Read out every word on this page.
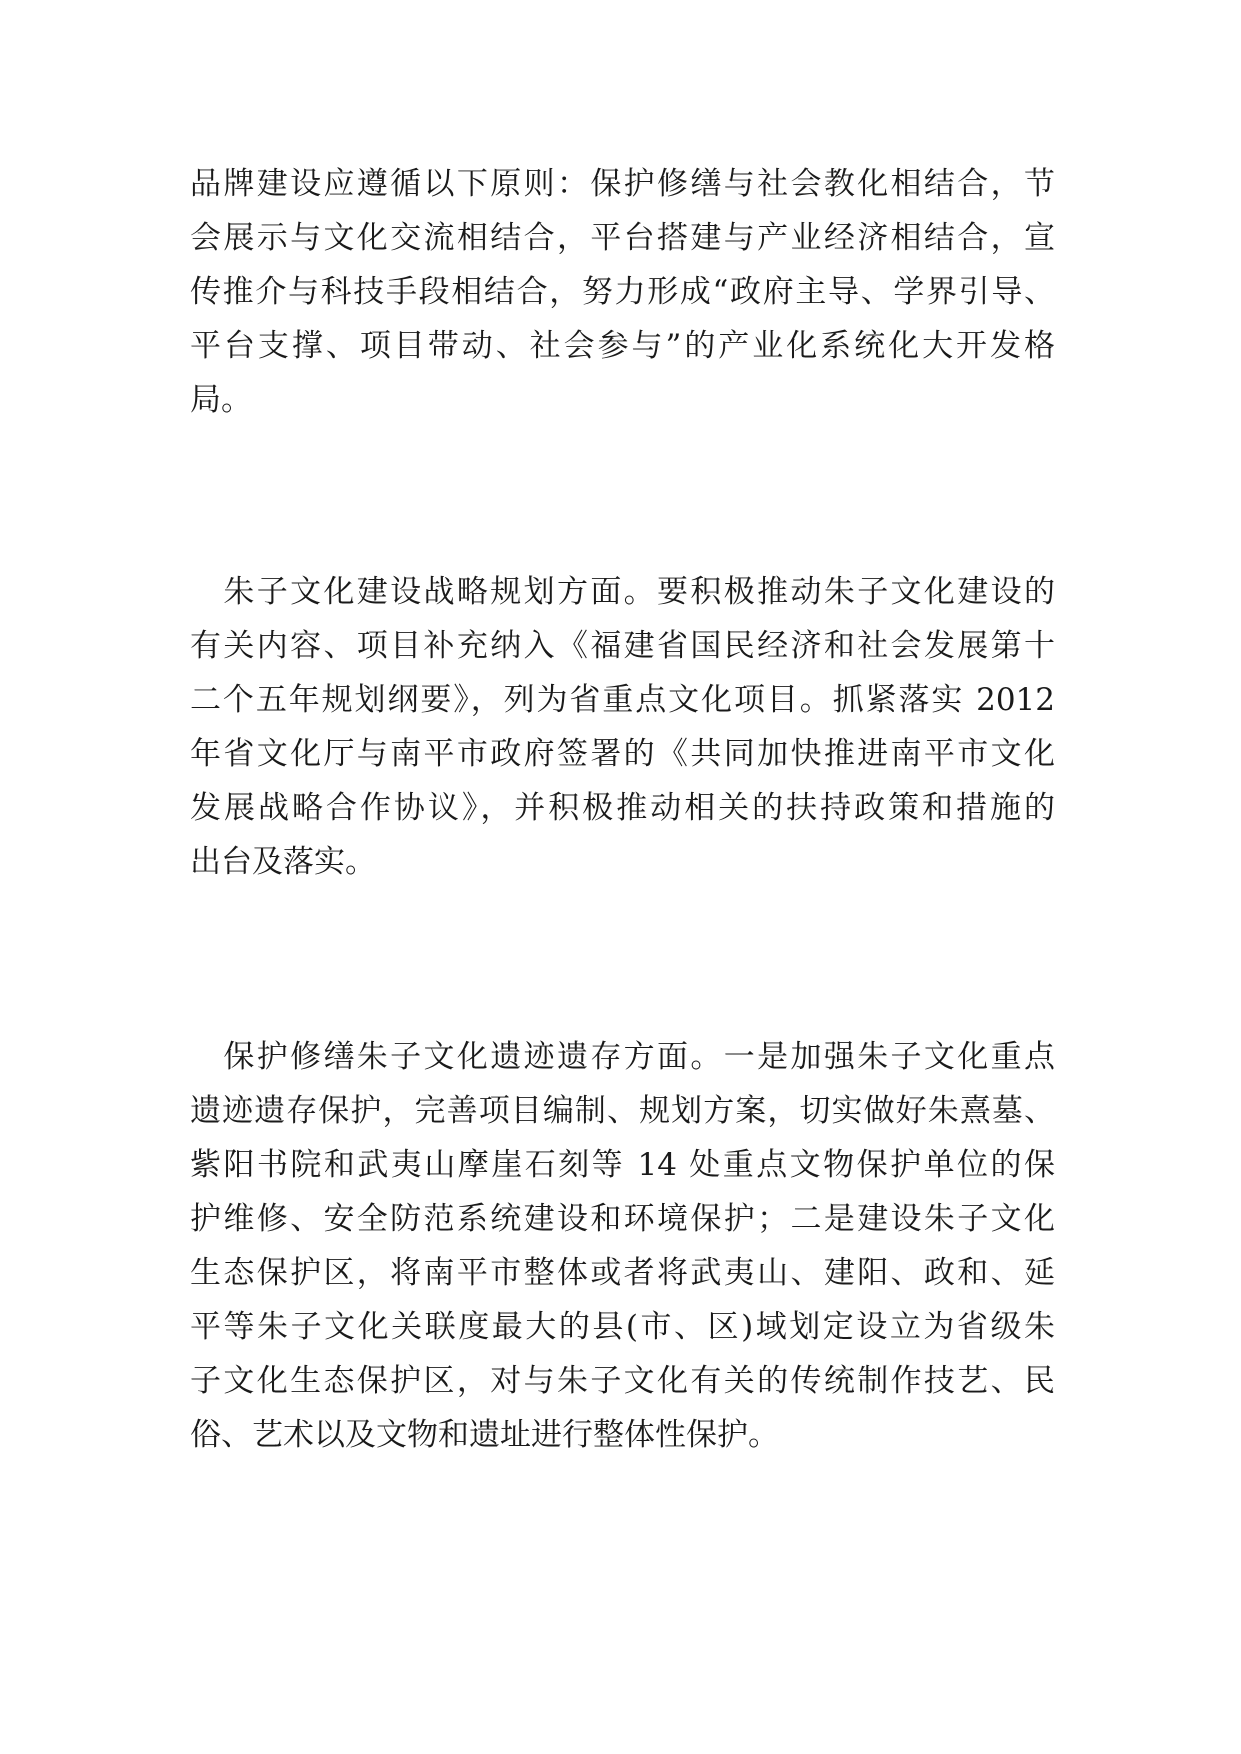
品牌建设应遵循以下原则：保护修缮与社会教化相结合，节
会展示与文化交流相结合，平台搭建与产业经济相结合，宣
传推介与科技手段相结合，努力形成“政府主导、学界引导、
平台支撑、项目带动、社会参与”的产业化系统化大开发格
局。
　朱子文化建设战略规划方面。要积极推动朱子文化建设的
有关内容、项目补充纳入《福建省国民经济和社会发展第十
二个五年规划纲要》，列为省重点文化项目。抓紧落实 2012
年省文化厅与南平市政府签署的《共同加快推进南平市文化
发展战略合作协议》，并积极推动相关的扶持政策和措施的
出台及落实。
　保护修缮朱子文化遗迹遗存方面。一是加强朱子文化重点
遗迹遗存保护，完善项目编制、规划方案，切实做好朱熹墓、
紫阳书院和武夷山摩崖石刻等 14 处重点文物保护单位的保
护维修、安全防范系统建设和环境保护；二是建设朱子文化
生态保护区，将南平市整体或者将武夷山、建阳、政和、延
平等朱子文化关联度最大的县(市、区)域划定设立为省级朱
子文化生态保护区，对与朱子文化有关的传统制作技艺、民
俗、艺术以及文物和遗址进行整体性保护。
